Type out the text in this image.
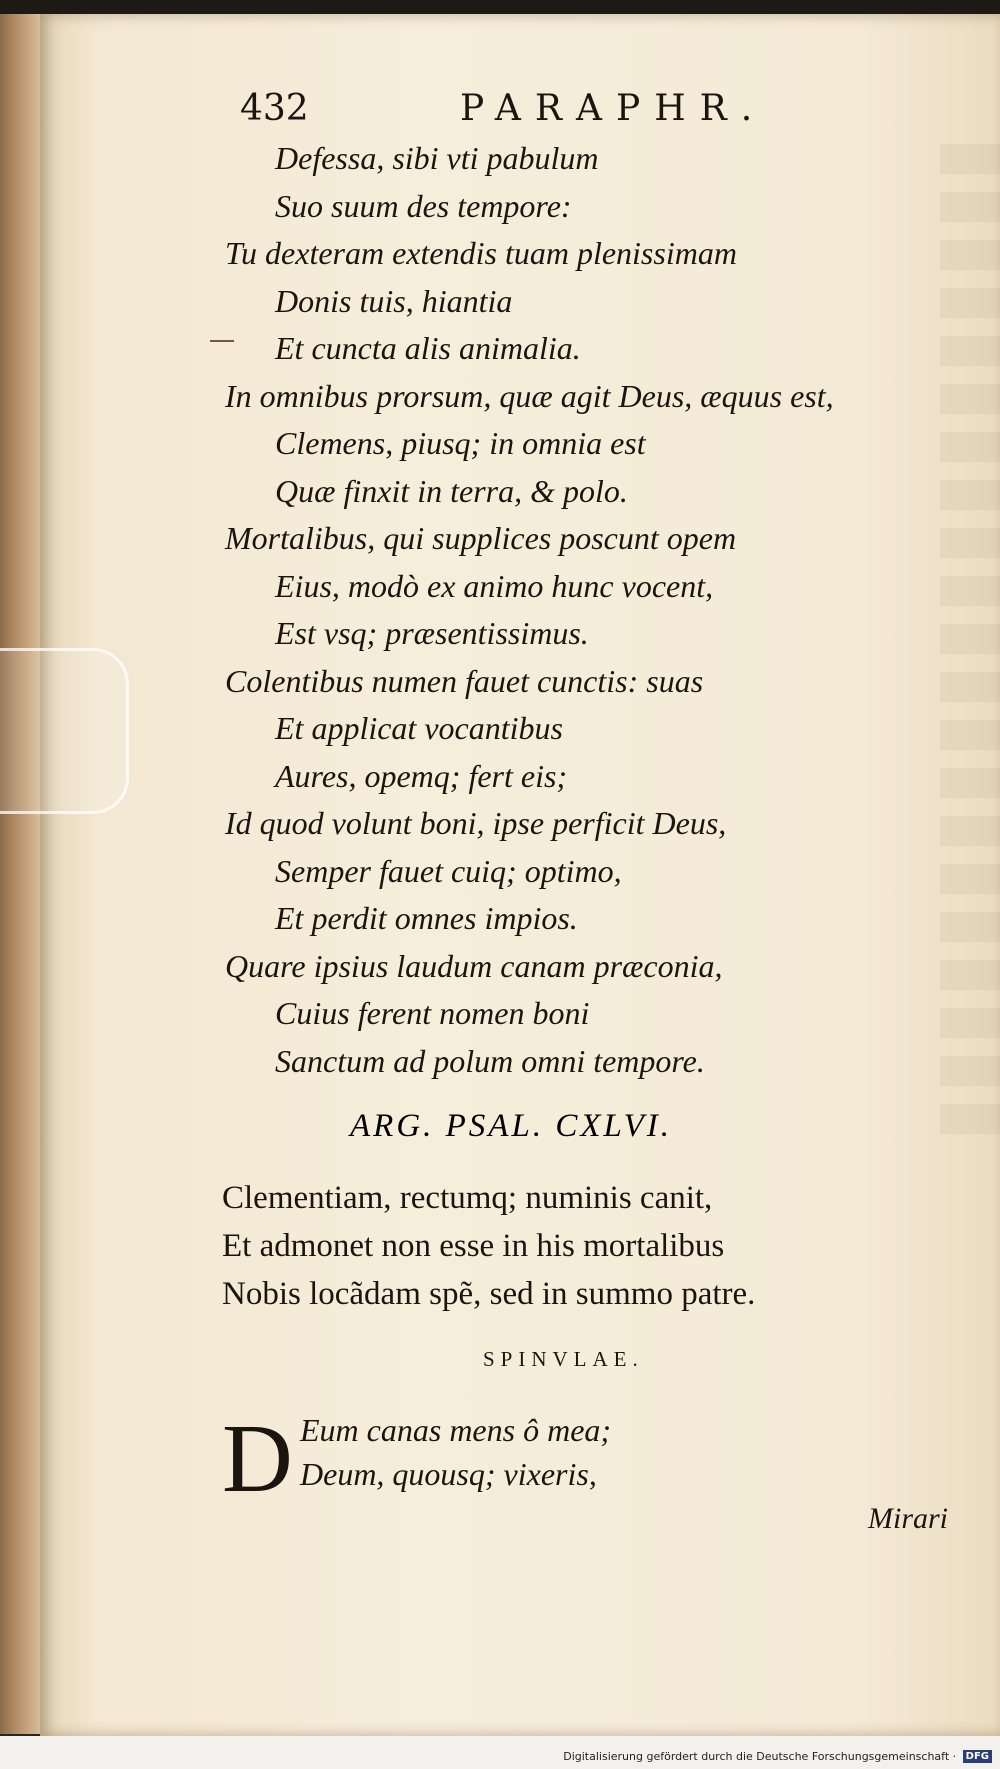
432	PARAPHR.
Defessa, sibi vti pabulum
Suo suum des tempore:
Tu dexteram extendis tuam plenissimam
Donis tuis, hiantia
Et cuncta alis animalia.
In omnibus prorsum, quæ agit Deus, æquus est,
Clemens, piusq; in omnia est
Quæ finxit in terra, & polo.
Mortalibus, qui supplices poscunt opem
Eius, modò ex animo hunc vocent,
Est vsq; præsentissimus.
Colentibus numen fauet cunctis: suas
Et applicat vocantibus
Aures, opemq; fert eis;
Id quod volunt boni, ipse perficit Deus,
Semper fauet cuiq; optimo,
Et perdit omnes impios.
Quare ipsius laudum canam præconia,
Cuius ferent nomen boni
Sanctum ad polum omni tempore.
ARG. PSAL. CXLVI.
Clementiam, rectumq; numinis canit,
Et admonet non esse in his mortalibus
Nobis locãdam spẽ, sed in summo patre.
SPINVLAE.
D Eum canas mens ô mea;
Deum, quousq; vixeris,
Mirari
Digitalisierung gefördert durch die Deutsche Forschungsgemeinschaft · DFG
